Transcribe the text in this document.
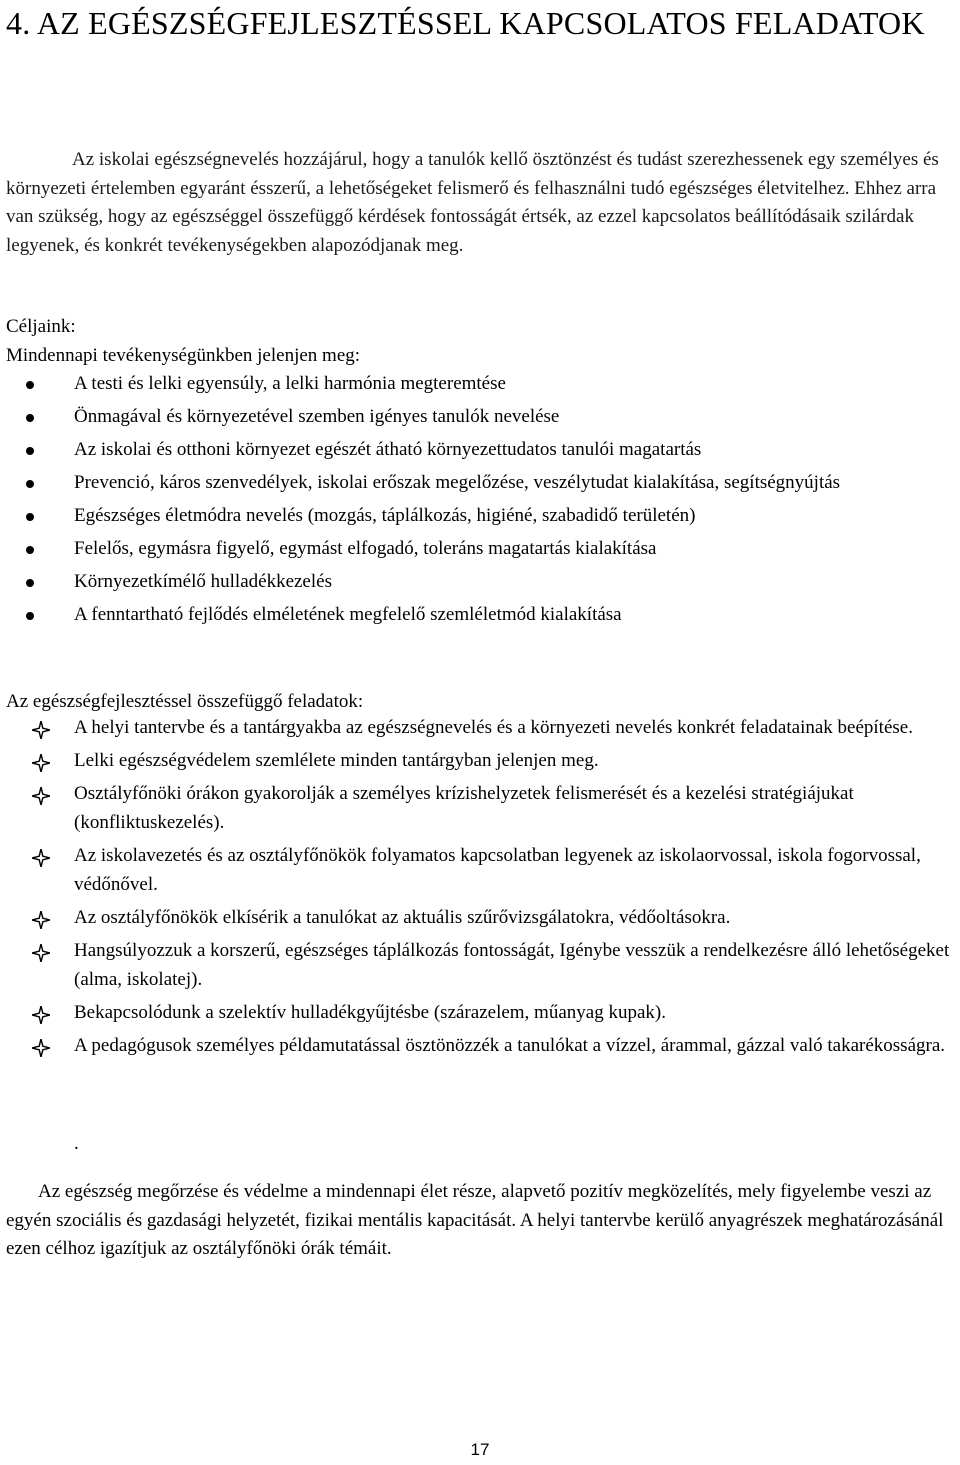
4. AZ EGÉSZSÉGFEJLESZTÉSSEL KAPCSOLATOS FELADATOK

Az iskolai egészségnevelés hozzájárul, hogy a tanulók kellő ösztönzést és tudást szerezhessenek egy személyes és környezeti értelemben egyaránt ésszerű, a lehetőségeket felismerő és felhasználni tudó egészséges életvitelhez. Ehhez arra van szükség, hogy az egészséggel összefüggő kérdések fontosságát értsék, az ezzel kapcsolatos beállítódásaik szilárdak legyenek, és konkrét tevékenységekben alapozódjanak meg.

Céljaink:

Mindennapi tevékenységünkben jelenjen meg:

A testi és lelki egyensúly, a lelki harmónia megteremtése
Önmagával és környezetével szemben igényes tanulók nevelése
Az iskolai és otthoni környezet egészét átható környezettudatos tanulói magatartás
Prevenció, káros szenvedélyek, iskolai erőszak megelőzése, veszélytudat kialakítása, segítségnyújtás
Egészséges életmódra nevelés (mozgás, táplálkozás, higiéné, szabadidő területén)
Felelős, egymásra figyelő, egymást elfogadó, toleráns magatartás kialakítása
Környezetkímélő hulladékkezelés
A fenntartható fejlődés elméletének megfelelő szemléletmód kialakítása

Az egészségfejlesztéssel összefüggő feladatok:

A helyi tantervbe és a tantárgyakba az egészségnevelés és a környezeti nevelés konkrét feladatainak beépítése.
Lelki egészségvédelem szemlélete minden tantárgyban jelenjen meg.
Osztályfőnöki órákon gyakorolják a személyes krízishelyzetek felismerését és a kezelési stratégiájukat (konfliktuskezelés).
Az iskolavezetés és az osztályfőnökök folyamatos kapcsolatban legyenek az iskolaorvossal, iskola fogorvossal, védőnővel.
Az osztályfőnökök elkísérik a tanulókat az aktuális szűrővizsgálatokra, védőoltásokra.
Hangsúlyozzuk a korszerű, egészséges táplálkozás fontosságát, Igénybe vesszük a rendelkezésre álló lehetőségeket (alma, iskolatej).
Bekapcsolódunk a szelektív hulladékgyűjtésbe (szárazelem, műanyag kupak).
A pedagógusok személyes példamutatással ösztönözzék a tanulókat a vízzel, árammal, gázzal való takarékosságra.
.

Az egészség megőrzése és védelme a mindennapi élet része, alapvető pozitív megközelítés, mely figyelembe veszi az egyén szociális és gazdasági helyzetét, fizikai mentális kapacitását. A helyi tantervbe kerülő anyagrészek meghatározásánál ezen célhoz igazítjuk az osztályfőnöki órák témáit.

17
